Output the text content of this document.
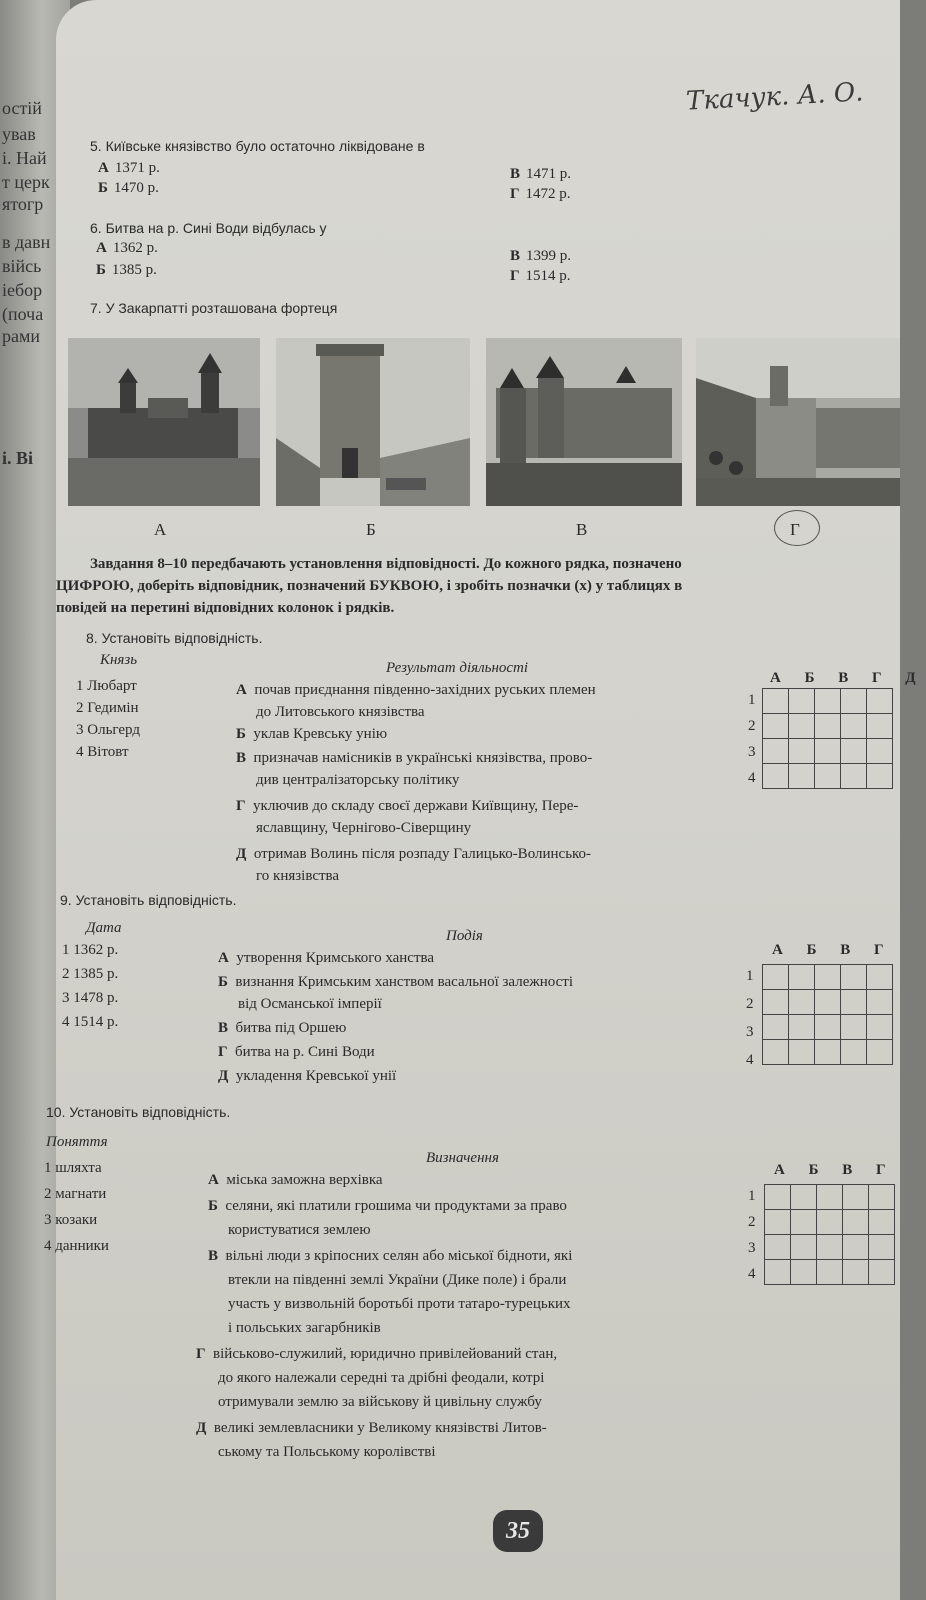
остій
ував
і. Най
т церк
ятогр
в давн
війсь
іебор
(поча
рами
і. Ві
Ткачук. А. О.
5. Київське князівство було остаточно ліквідоване в
А 1371 р.
Б 1470 р.
В 1471 р.
Г 1472 р.
6. Битва на р. Сині Води відбулась у
А 1362 р.
Б 1385 р.
В 1399 р.
Г 1514 р.
7. У Закарпатті розташована фортеця
А	Б	В	Г
Завдання 8–10 передбачають установлення відповідності. До кожного рядка, позначено
ЦИФРОЮ, доберіть відповідник, позначений БУКВОЮ, і зробіть позначки (х) у таблицях в
повідей на перетині відповідних колонок і рядків.
8. Установіть відповідність.
Князь	Результат діяльності
1 Любарт
2 Гедимін
3 Ольгерд
4 Вітовт
А почав приєднання південно-західних руських племен
до Литовського князівства
Б уклав Кревську унію
В призначав намісників в українські князівства, прово-
див централізаторську політику
Г уключив до складу своєї держави Київщину, Пере-
яславщину, Чернігово-Сіверщину
Д отримав Волинь після розпаду Галицько-Волинсько-
го князівства
А Б В Г Д
1
2
3
4

9. Установіть відповідність.
Дата	Подія
1 1362 р.
2 1385 р.
3 1478 р.
4 1514 р.
А утворення Кримського ханства
Б визнання Кримським ханством васальної залежності
від Османської імперії
В битва під Оршею
Г битва на р. Сині Води
Д укладення Кревської унії
А Б В Г
1
2
3
4

10. Установіть відповідність.
Поняття
Визначення
1 шляхта
2 магнати
3 козаки
4 данники
А міська заможна верхівка
Б селяни, які платили грошима чи продуктами за право
користуватися землею
В вільні люди з кріпосних селян або міської бідноти, які
втекли на південні землі України (Дике поле) і брали
участь у визвольній боротьбі проти татаро-турецьких
і польських загарбників
Г військово-служилий, юридично привілейований стан,
до якого належали середні та дрібні феодали, котрі
отримували землю за військову й цивільну службу
Д великі землевласники у Великому князівстві Литов-
ському та Польському королівстві
А Б В Г
1
2
3
4

35
